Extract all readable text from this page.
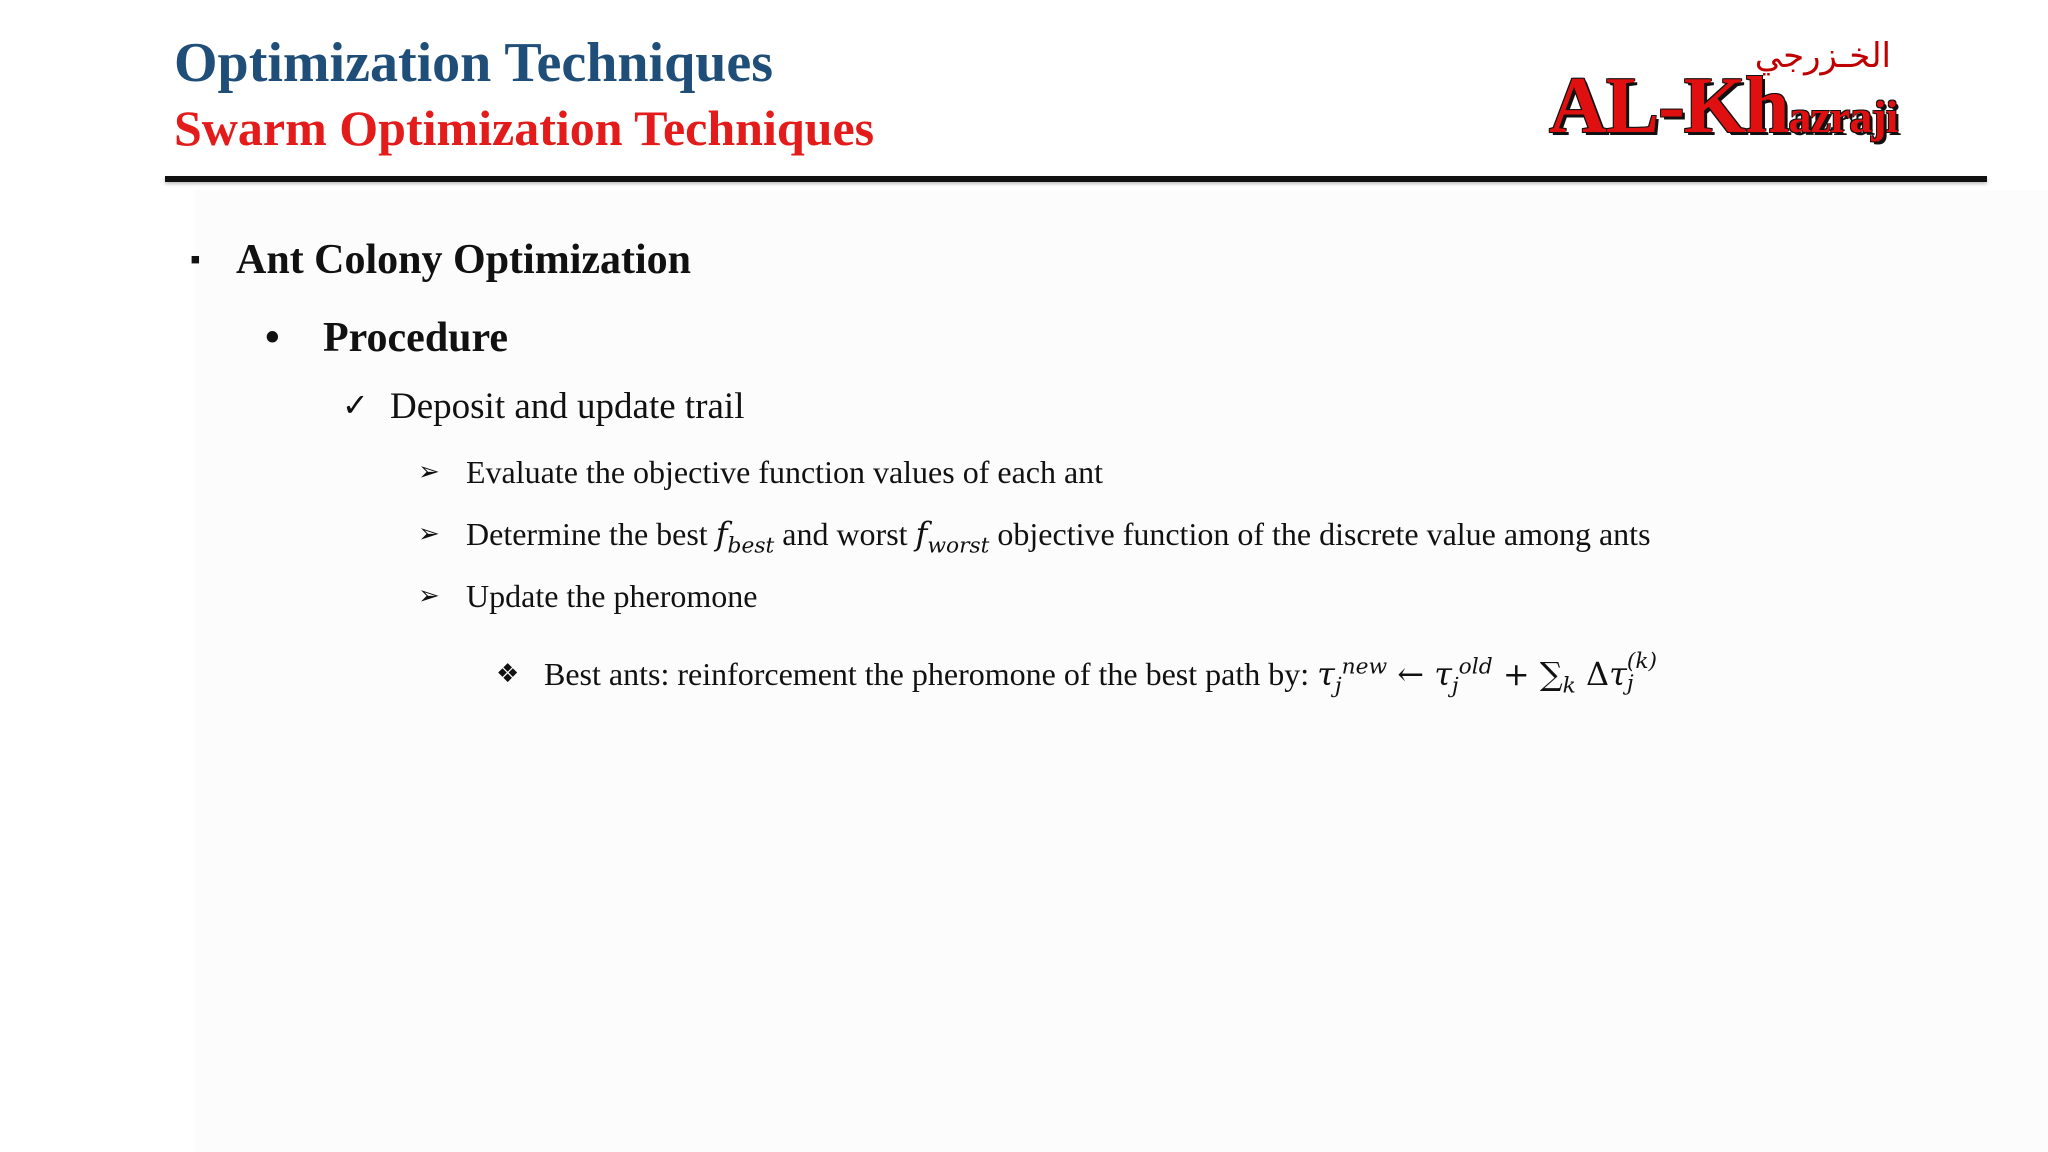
Optimization Techniques
Swarm Optimization Techniques
الخـزرجي
AL-Khazraji
▪ Ant Colony Optimization
• Procedure
✓ Deposit and update trail
➢ Evaluate the objective function values of each ant
➢ Determine the best $f_{best}$ and worst $f_{worst}$ objective function of the discrete value among ants
➢ Update the pheromone
❖ Best ants: reinforcement the pheromone of the best path by: $\tau_j^{new}$ ← $\tau_j^{old} + \sum_k$ Δτ (k)
j
